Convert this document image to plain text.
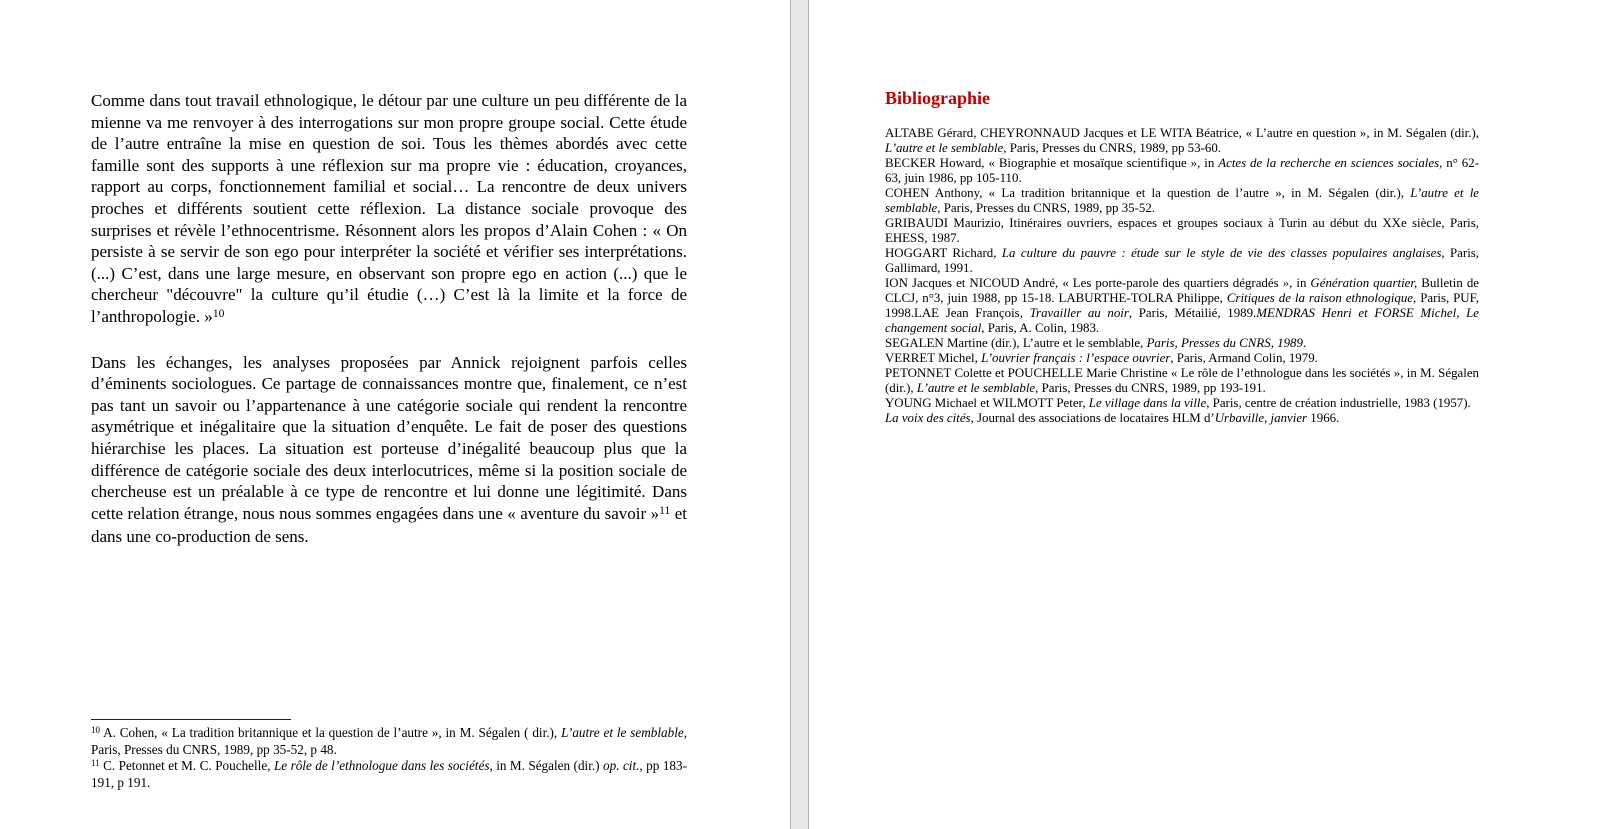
Comme dans tout travail ethnologique, le détour par une culture un peu différente de la mienne va me renvoyer à des interrogations sur mon propre groupe social. Cette étude de l’autre entraîne la mise en question de soi. Tous les thèmes abordés avec cette famille sont des supports à une réflexion sur ma propre vie : éducation, croyances, rapport au corps, fonctionnement familial et social… La rencontre de deux univers proches et différents soutient cette réflexion. La distance sociale provoque des surprises et révèle l’ethnocentrisme. Résonnent alors les propos d’Alain Cohen : « On persiste à se servir de son ego pour interpréter la société et vérifier ses interprétations. (...) C’est, dans une large mesure, en observant son propre ego en action (...) que le chercheur "découvre" la culture qu’il étudie (…) C’est là la limite et la force de l’anthropologie. »$^{10}$
Dans les échanges, les analyses proposées par Annick rejoignent parfois celles d’éminents sociologues. Ce partage de connaissances montre que, finalement, ce n’est pas tant un savoir ou l’appartenance à une catégorie sociale qui rendent la rencontre asymétrique et inégalitaire que la situation d’enquête. Le fait de poser des questions hiérarchise les places. La situation est porteuse d’inégalité beaucoup plus que la différence de catégorie sociale des deux interlocutrices, même si la position sociale de chercheuse est un préalable à ce type de rencontre et lui donne une légitimité. Dans cette relation étrange, nous nous sommes engagées dans une « aventure du savoir »$^{11}$ et dans une co-production de sens.
$^{10}$ A. Cohen, « La tradition britannique et la question de l’autre », in M. Ségalen ( dir.), L’autre et le semblable, Paris, Presses du CNRS, 1989, pp 35-52, p 48.
$^{11}$ C. Petonnet et M. C. Pouchelle, Le rôle de l’ethnologue dans les sociétés, in M. Ségalen (dir.) op. cit., pp 183-191, p 191.
Bibliographie
ALTABE Gérard, CHEYRONNAUD Jacques et LE WITA Béatrice, « L’autre en question », in M. Ségalen (dir.), L’autre et le semblable, Paris, Presses du CNRS, 1989, pp 53-60.
BECKER Howard, « Biographie et mosaïque scientifique », in Actes de la recherche en sciences sociales, n° 62-63, juin 1986, pp 105-110.
COHEN Anthony, « La tradition britannique et la question de l’autre », in M. Ségalen (dir.), L’autre et le semblable, Paris, Presses du CNRS, 1989, pp 35-52.
GRIBAUDI Maurizio, Itinéraires ouvriers, espaces et groupes sociaux à Turin au début du XXe siècle, Paris, EHESS, 1987.
HOGGART Richard, La culture du pauvre : étude sur le style de vie des classes populaires anglaises, Paris, Gallimard, 1991.
ION Jacques et NICOUD André, « Les porte-parole des quartiers dégradés », in Génération quartier, Bulletin de CLCJ, n°3, juin 1988, pp 15-18. LABURTHE-TOLRA Philippe, Critiques de la raison ethnologique, Paris, PUF, 1998.LAE Jean François, Travailler au noir, Paris, Métailié, 1989.MENDRAS Henri et FORSE Michel, Le changement social, Paris, A. Colin, 1983.
SEGALEN Martine (dir.), L’autre et le semblable, Paris, Presses du CNRS, 1989.
VERRET Michel, L’ouvrier français : l’espace ouvrier, Paris, Armand Colin, 1979.
PETONNET Colette et POUCHELLE Marie Christine « Le rôle de l’ethnologue dans les sociétés », in M. Ségalen (dir.), L’autre et le semblable, Paris, Presses du CNRS, 1989, pp 193-191.
YOUNG Michael et WILMOTT Peter, Le village dans la ville, Paris, centre de création industrielle, 1983 (1957).
La voix des cités, Journal des associations de locataires HLM d’Urbaville, janvier 1966.
